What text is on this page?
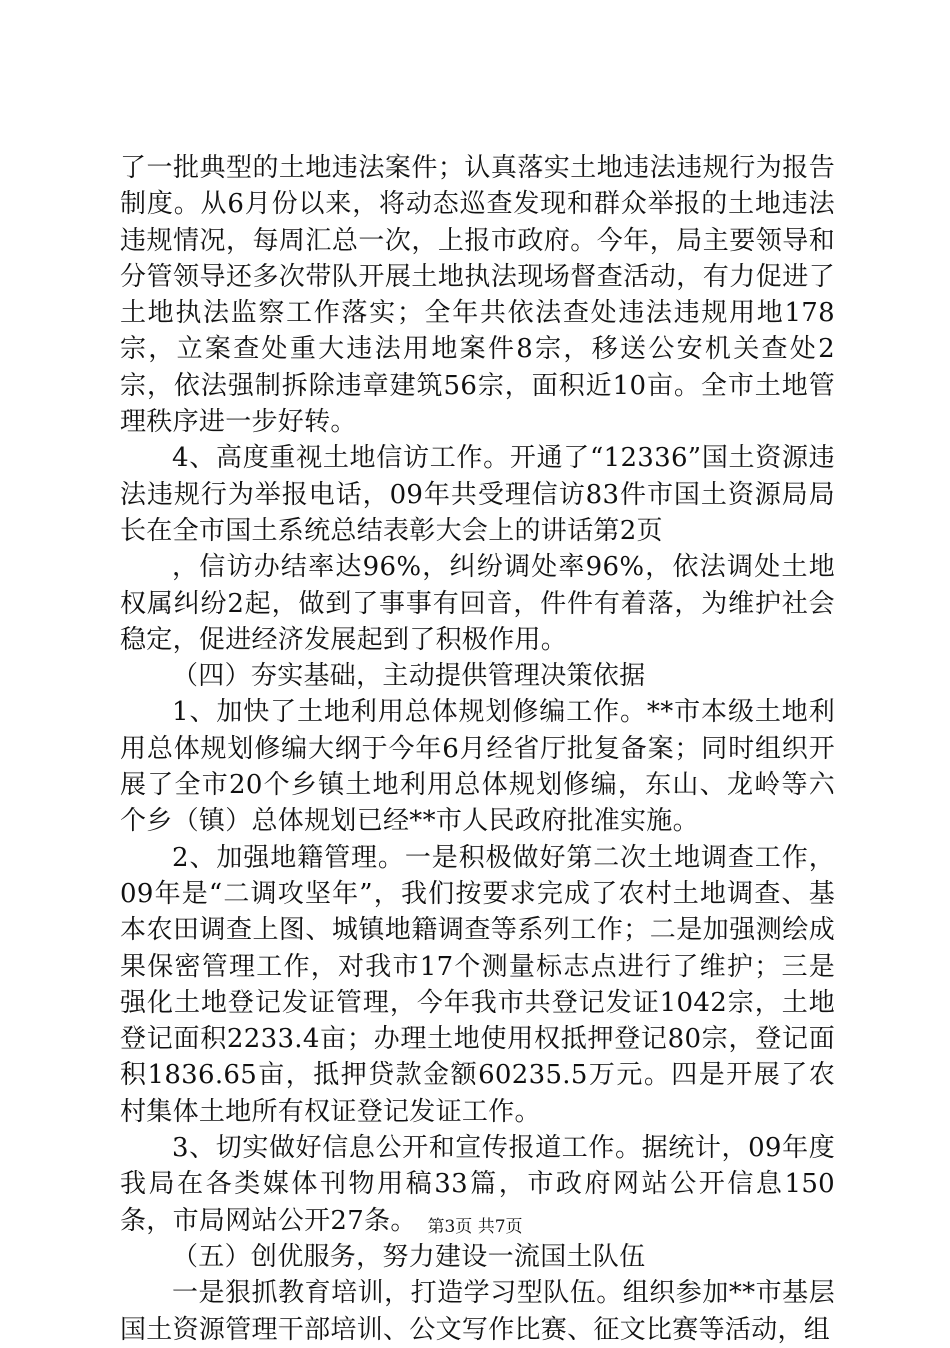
了一批典型的土地违法案件；认真落实土地违法违规行为报告制度。从6月份以来，将动态巡查发现和群众举报的土地违法违规情况，每周汇总一次，上报市政府。今年，局主要领导和分管领导还多次带队开展土地执法现场督查活动，有力促进了土地执法监察工作落实；全年共依法查处违法违规用地178宗，立案查处重大违法用地案件8宗，移送公安机关查处2宗，依法强制拆除违章建筑56宗，面积近10亩。全市土地管理秩序进一步好转。

4、高度重视土地信访工作。开通了“12336”国土资源违法违规行为举报电话，09年共受理信访83件市国土资源局局长在全市国土系统总结表彰大会上的讲话第2页

，信访办结率达96%，纠纷调处率96%，依法调处土地权属纠纷2起，做到了事事有回音，件件有着落，为维护社会稳定，促进经济发展起到了积极作用。

（四）夯实基础，主动提供管理决策依据

1、加快了土地利用总体规划修编工作。**市本级土地利用总体规划修编大纲于今年6月经省厅批复备案；同时组织开展了全市20个乡镇土地利用总体规划修编，东山、龙岭等六个乡（镇）总体规划已经**市人民政府批准实施。

2、加强地籍管理。一是积极做好第二次土地调查工作，09年是“二调攻坚年”，我们按要求完成了农村土地调查、基本农田调查上图、城镇地籍调查等系列工作；二是加强测绘成果保密管理工作，对我市17个测量标志点进行了维护；三是强化土地登记发证管理，今年我市共登记发证1042宗，土地登记面积2233.4亩；办理土地使用权抵押登记80宗，登记面积1836.65亩，抵押贷款金额60235.5万元。四是开展了农村集体土地所有权证登记发证工作。

3、切实做好信息公开和宣传报道工作。据统计，09年度我局在各类媒体刊物用稿33篇，市政府网站公开信息150条，市局网站公开27条。

（五）创优服务，努力建设一流国土队伍

一是狠抓教育培训，打造学习型队伍。组织参加**市基层国土资源管理干部培训、公文写作比赛、征文比赛等活动，组

第3页 共7页
